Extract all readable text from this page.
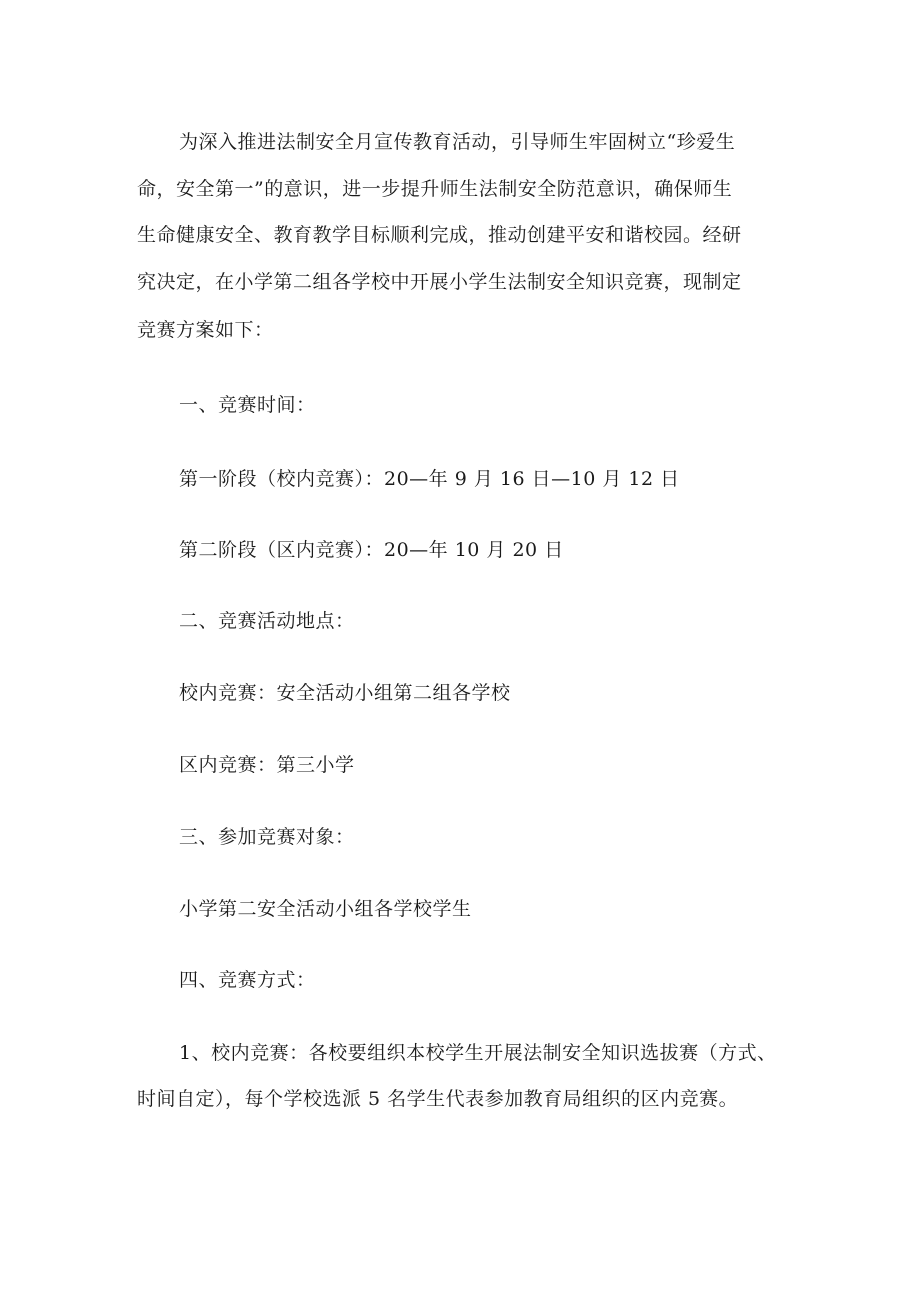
为深入推进法制安全月宣传教育活动，引导师生牢固树立“珍爱生
命，安全第一”的意识，进一步提升师生法制安全防范意识，确保师生
生命健康安全、教育教学目标顺利完成，推动创建平安和谐校园。经研
究决定，在小学第二组各学校中开展小学生法制安全知识竞赛，现制定
竞赛方案如下：
一、竞赛时间：
第一阶段（校内竞赛）：20—年 9 月 16 日—10 月 12 日
第二阶段（区内竞赛）：20—年 10 月 20 日
二、竞赛活动地点：
校内竞赛：安全活动小组第二组各学校
区内竞赛：第三小学
三、参加竞赛对象：
小学第二安全活动小组各学校学生
四、竞赛方式：
1、校内竞赛：各校要组织本校学生开展法制安全知识选拔赛（方式、
时间自定），每个学校选派 5 名学生代表参加教育局组织的区内竞赛。
